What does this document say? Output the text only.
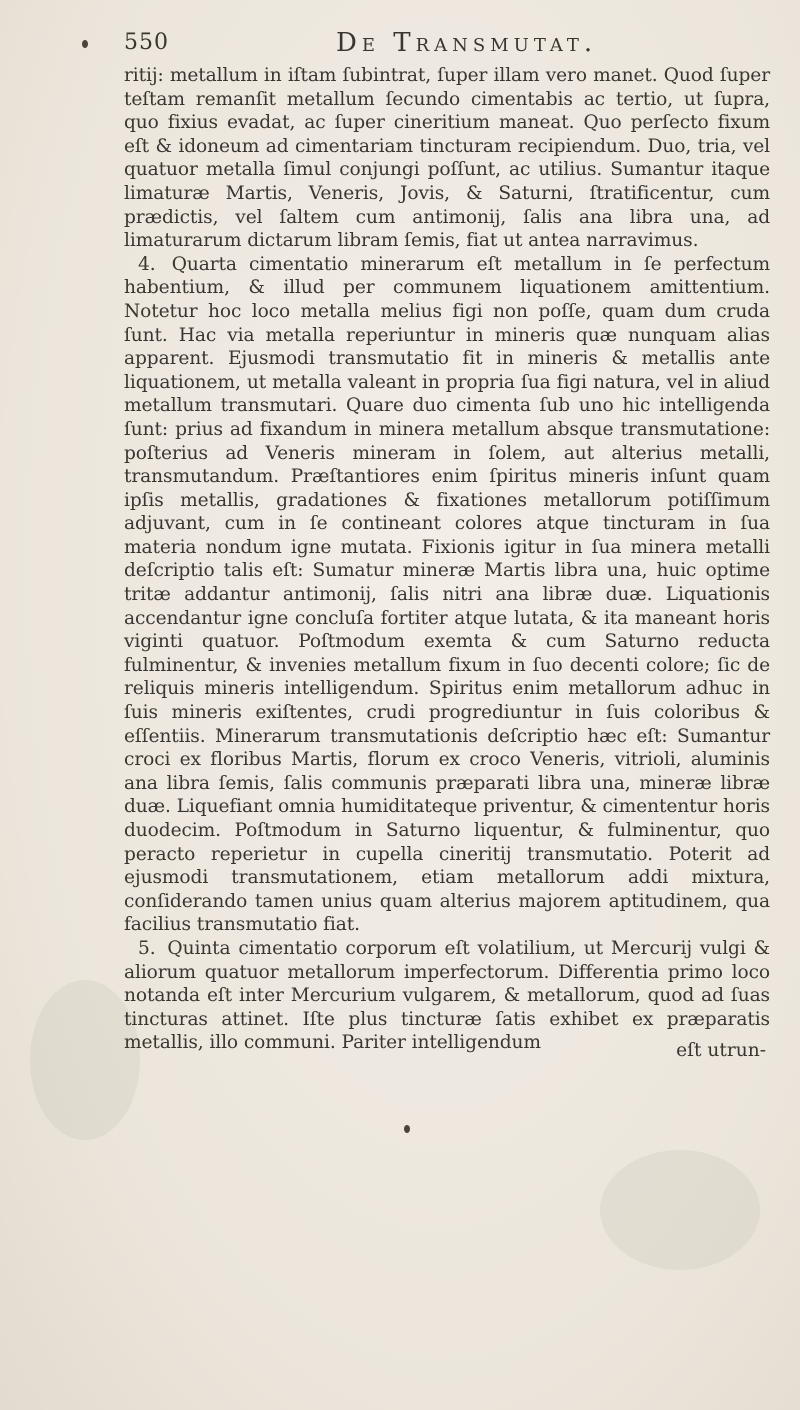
550	De Transmutat.

ritij: metallum in iſtam ſubintrat, ſuper illam vero manet. Quod ſuper teſtam remanſit metallum ſecundo cimentabis ac tertio, ut ſupra, quo fixius evadat, ac ſuper cineritium maneat. Quo perſecto fixum eſt & idoneum ad cimentariam tincturam recipiendum. Duo, tria, vel quatuor metalla ſimul conjungi poſſunt, ac utilius. Sumantur itaque limaturæ Martis, Veneris, Jovis, & Saturni, ſtratificentur, cum prædictis, vel ſaltem cum antimonij, ſalis ana libra una, ad limaturarum dictarum libram ſemis, fiat ut antea narravimus.

4. Quarta cimentatio minerarum eſt metallum in ſe perfectum habentium, & illud per communem liquationem amittentium. Notetur hoc loco metalla melius figi non poſſe, quam dum cruda ſunt. Hac via metalla reperiuntur in mineris quæ nunquam alias apparent. Ejusmodi transmutatio fit in mineris & metallis ante liquationem, ut metalla valeant in propria ſua figi natura, vel in aliud metallum transmutari. Quare duo cimenta ſub uno hic intelligenda ſunt: prius ad fixandum in minera metallum absque transmutatione: poſterius ad Veneris mineram in ſolem, aut alterius metalli, transmutandum. Præſtantiores enim ſpiritus mineris inſunt quam ipſis metallis, gradationes & fixationes metallorum potiſſimum adjuvant, cum in ſe contineant colores atque tincturam in ſua materia nondum igne mutata. Fixionis igitur in ſua minera metalli deſcriptio talis eſt: Sumatur mineræ Martis libra una, huic optime tritæ addantur antimonij, ſalis nitri ana libræ duæ. Liquationis accendantur igne concluſa fortiter atque lutata, & ita maneant horis viginti quatuor. Poſtmodum exemta & cum Saturno reducta fulminentur, & invenies metallum fixum in ſuo decenti colore; ſic de reliquis mineris intelligendum. Spiritus enim metallorum adhuc in ſuis mineris exiſtentes, crudi progrediuntur in ſuis coloribus & eſſentiis. Minerarum transmutationis deſcriptio hæc eſt: Sumantur croci ex floribus Martis, florum ex croco Veneris, vitrioli, aluminis ana libra ſemis, ſalis communis præparati libra una, mineræ libræ duæ. Liquefiant omnia humiditateque priventur, & cimententur horis duodecim. Poſtmodum in Saturno liquentur, & fulminentur, quo peracto reperietur in cupella cineritij transmutatio. Poterit ad ejusmodi transmutationem, etiam metallorum addi mixtura, conſiderando tamen unius quam alterius majorem aptitudinem, qua facilius transmutatio fiat.

5. Quinta cimentatio corporum eſt volatilium, ut Mercurij vulgi & aliorum quatuor metallorum imperfectorum. Differentia primo loco notanda eſt inter Mercurium vulgarem, & metallorum, quod ad ſuas tincturas attinet. Iſte plus tincturæ ſatis exhibet ex præparatis metallis, illo communi. Pariter intelligendum	eſt utrun-
